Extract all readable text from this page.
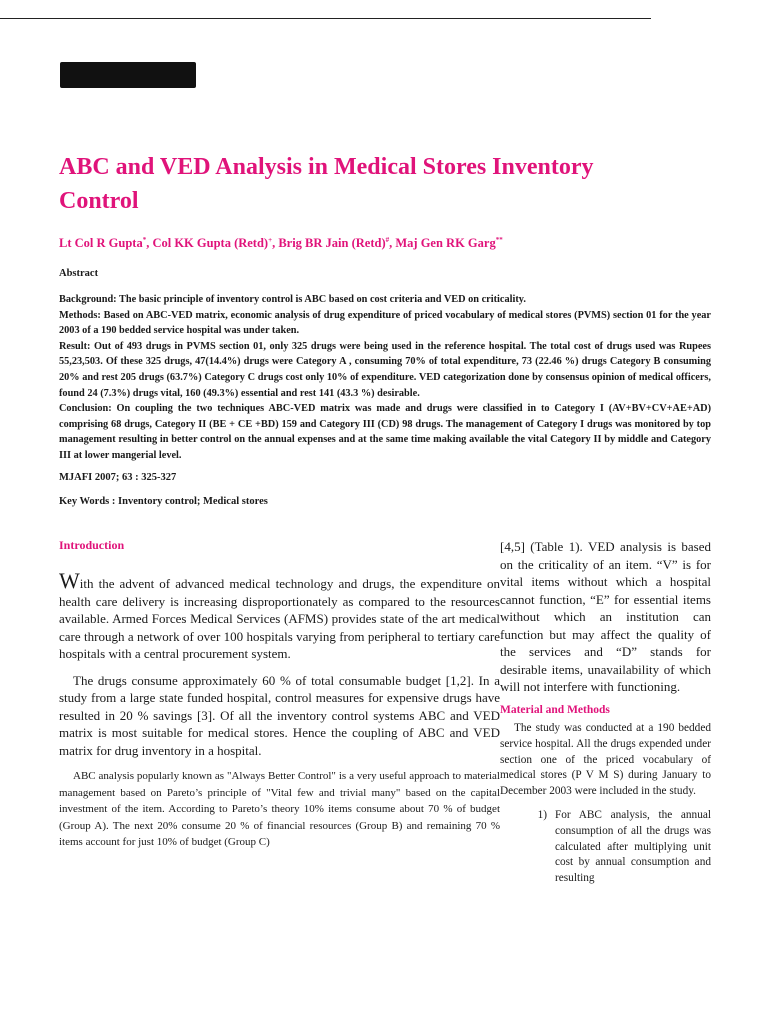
ABC and VED Analysis in Medical Stores Inventory Control
Lt Col R Gupta*, Col KK Gupta (Retd)+, Brig BR Jain (Retd)#, Maj Gen RK Garg**
Abstract

Background: The basic principle of inventory control is ABC based on cost criteria and VED on criticality.

Methods: Based on ABC-VED matrix, economic analysis of drug expenditure of priced vocabulary of medical stores (PVMS) section 01 for the year 2003 of a 190 bedded service hospital was under taken.

Result: Out of 493 drugs in PVMS section 01, only 325 drugs were being used in the reference hospital. The total cost of drugs used was Rupees 55,23,503. Of these 325 drugs, 47(14.4%) drugs were Category A , consuming 70% of total expenditure, 73 (22.46 %) drugs Category B consuming 20% and rest 205 drugs (63.7%) Category C drugs cost only 10% of expenditure. VED categorization done by consensus opinion of medical officers, found 24 (7.3%) drugs vital, 160 (49.3%) essential and rest 141 (43.3 %) desirable.

Conclusion: On coupling the two techniques ABC-VED matrix was made and drugs were classified in to Category I (AV+BV+CV+AE+AD) comprising 68 drugs, Category II (BE + CE +BD) 159 and Category III (CD) 98 drugs. The management of Category I drugs was monitored by top management resulting in better control on the annual expenses and at the same time making available the vital Category II by middle and Category III at lower mangerial level.

MJAFI 2007; 63 : 325-327
Key Words : Inventory control; Medical stores
Introduction

With the advent of advanced medical technology and drugs, the expenditure on health care delivery is increasing disproportionately as compared to the resources available. Armed Forces Medical Services (AFMS) provides state of the art medical care through a network of over 100 hospitals varying from peripheral to tertiary care hospitals with a central procurement system.

The drugs consume approximately 60 % of total consumable budget [1,2]. In a study from a large state funded hospital, control measures for expensive drugs have resulted in 20 % savings [3]. Of all the inventory control systems ABC and VED matrix is most suitable for medical stores. Hence the coupling of ABC and VED matrix for drug inventory in a hospital.

ABC analysis popularly known as "Always Better Control" is a very useful approach to material management based on Pareto’s principle of "Vital few and trivial many" based on the capital investment of the item. According to Pareto’s theory 10% items consume about 70 % of budget (Group A). The next 20% consume 20 % of financial resources (Group B) and remaining 70 % items account for just 10% of budget (Group C)

[4,5] (Table 1). VED analysis is based on the criticality of an item. “V” is for vital items without which a hospital cannot function, “E” for essential items without which an institution can function but may affect the quality of the services and “D” stands for desirable items, unavailability of which will not interfere with functioning.

Material and Methods

The study was conducted at a 190 bedded service hospital. All the drugs expended under section one of the priced vocabulary of medical stores (P V M S) during January to December 2003 were included in the study.

1) For ABC analysis, the annual consumption of all the drugs was calculated after multiplying unit cost by annual consumption and resulting
